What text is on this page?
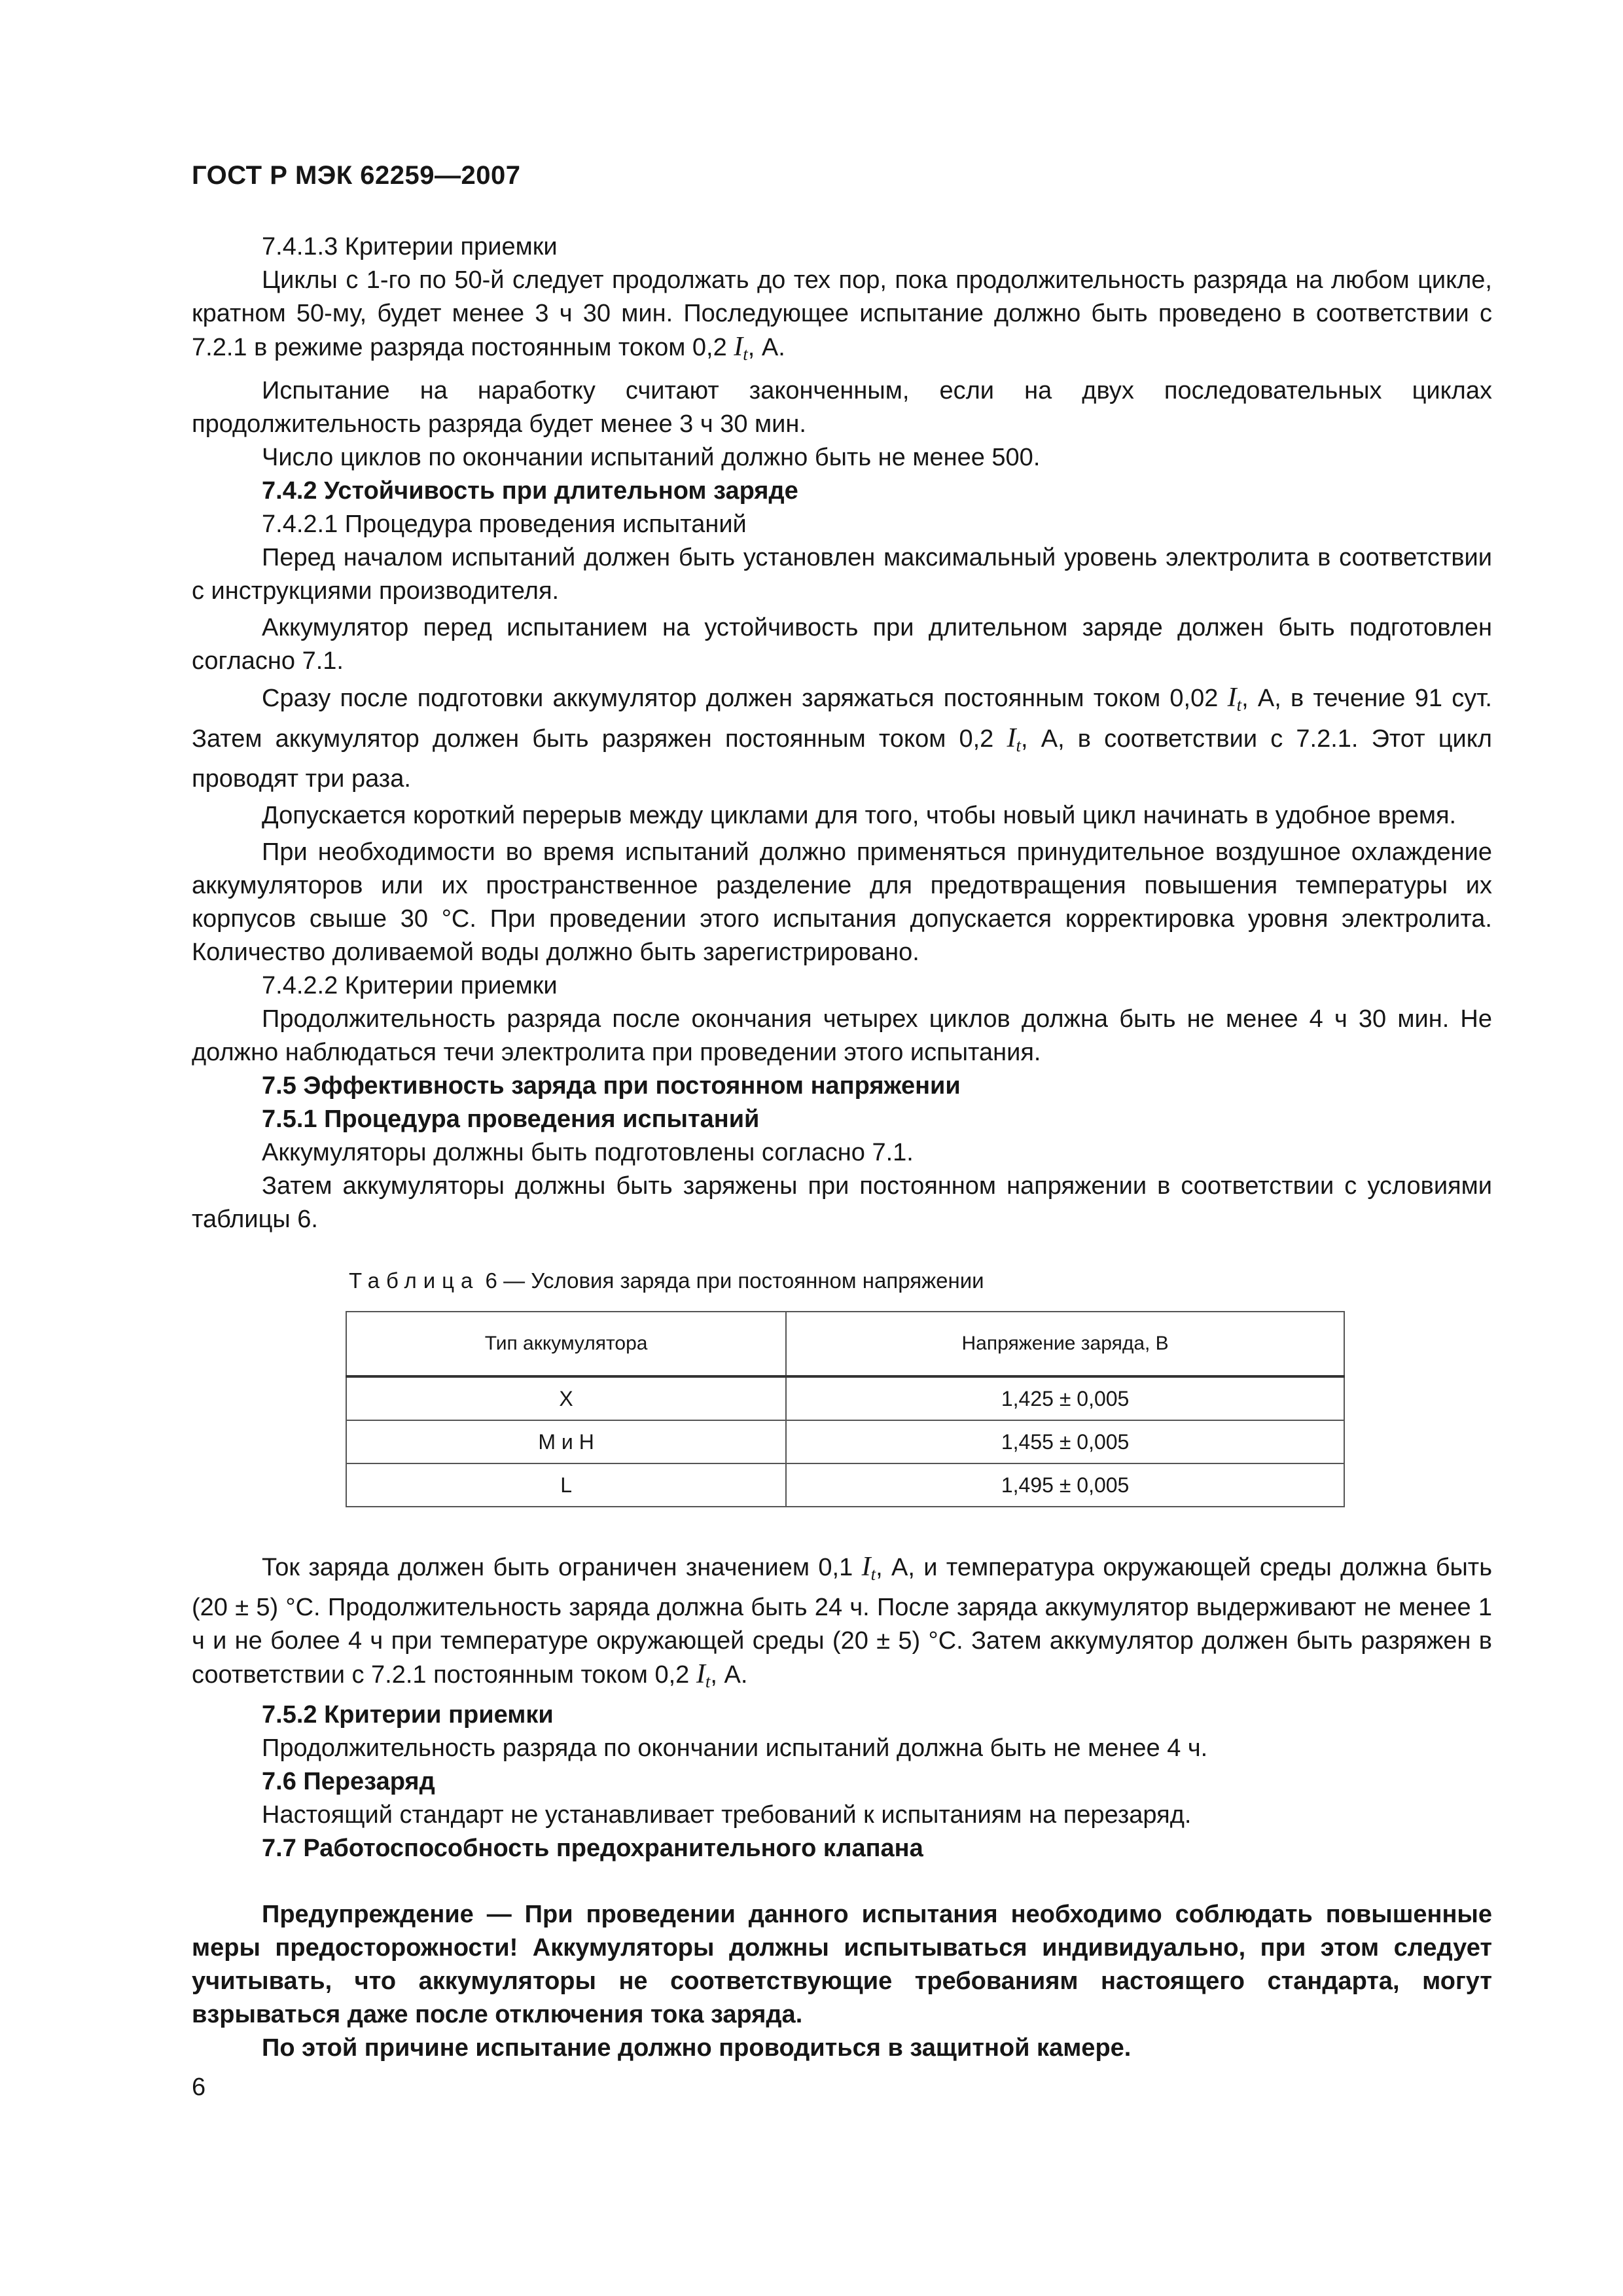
ГОСТ Р МЭК 62259—2007

7.4.1.3 Критерии приемки

Циклы с 1-го по 50-й следует продолжать до тех пор, пока продолжительность разряда на любом цикле, кратном 50-му, будет менее 3 ч 30 мин. Последующее испытание должно быть проведено в соответствии с 7.2.1 в режиме разряда постоянным током 0,2 $I_t$, А.

Испытание на наработку считают законченным, если на двух последовательных циклах продолжительность разряда будет менее 3 ч 30 мин.

Число циклов по окончании испытаний должно быть не менее 500.

7.4.2 Устойчивость при длительном заряде

7.4.2.1 Процедура проведения испытаний

Перед началом испытаний должен быть установлен максимальный уровень электролита в соответствии с инструкциями производителя.

Аккумулятор перед испытанием на устойчивость при длительном заряде должен быть подготовлен согласно 7.1.

Сразу после подготовки аккумулятор должен заряжаться постоянным током 0,02 $I_t$, А, в течение 91 сут. Затем аккумулятор должен быть разряжен постоянным током 0,2 $I_t$, А, в соответствии с 7.2.1. Этот цикл проводят три раза.

Допускается короткий перерыв между циклами для того, чтобы новый цикл начинать в удобное время.

При необходимости во время испытаний должно применяться принудительное воздушное охлаждение аккумуляторов или их пространственное разделение для предотвращения повышения температуры их корпусов свыше 30 °С. При проведении этого испытания допускается корректировка уровня электролита. Количество доливаемой воды должно быть зарегистрировано.

7.4.2.2 Критерии приемки

Продолжительность разряда после окончания четырех циклов должна быть не менее 4 ч 30 мин. Не должно наблюдаться течи электролита при проведении этого испытания.

7.5 Эффективность заряда при постоянном напряжении

7.5.1 Процедура проведения испытаний

Аккумуляторы должны быть подготовлены согласно 7.1.

Затем аккумуляторы должны быть заряжены при постоянном напряжении в соответствии с условиями таблицы 6.

Таблица 6 — Условия заряда при постоянном напряжении

Тип аккумулятора	Напряжение заряда, В
X	1,425 ± 0,005
M и H	1,455 ± 0,005
L	1,495 ± 0,005

Ток заряда должен быть ограничен значением 0,1 $I_t$, А, и температура окружающей среды должна быть (20 ± 5) °С. Продолжительность заряда должна быть 24 ч. После заряда аккумулятор выдерживают не менее 1 ч и не более 4 ч при температуре окружающей среды (20 ± 5) °С. Затем аккумулятор должен быть разряжен в соответствии с 7.2.1 постоянным током 0,2 $I_t$, А.

7.5.2 Критерии приемки

Продолжительность разряда по окончании испытаний должна быть не менее 4 ч.

7.6 Перезаряд

Настоящий стандарт не устанавливает требований к испытаниям на перезаряд.

7.7 Работоспособность предохранительного клапана

Предупреждение — При проведении данного испытания необходимо соблюдать повышенные меры предосторожности! Аккумуляторы должны испытываться индивидуально, при этом следует учитывать, что аккумуляторы не соответствующие требованиям настоящего стандарта, могут взрываться даже после отключения тока заряда.

По этой причине испытание должно проводиться в защитной камере.

6
